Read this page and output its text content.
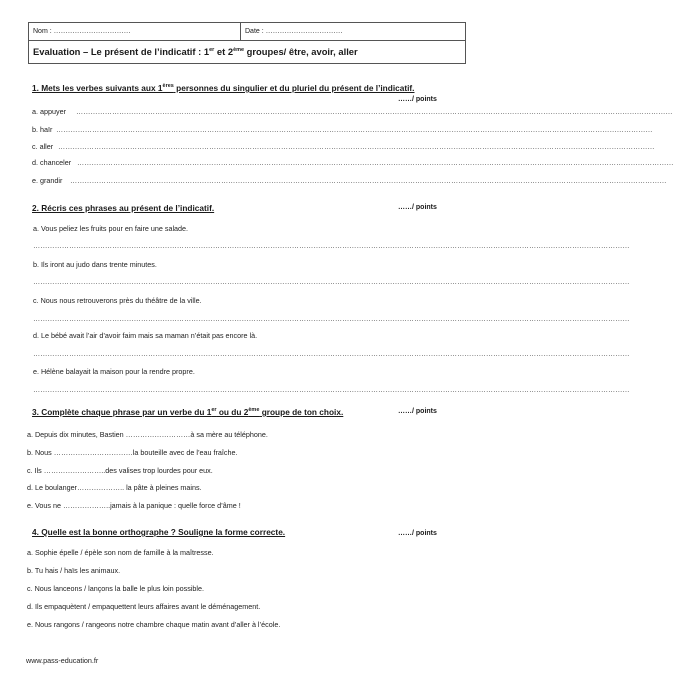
Nom : ……………………………	Date : ……………………………
Evaluation – Le présent de l’indicatif : 1er et 2ème groupes/ être, avoir, aller
1. Mets les verbes suivants aux 1ères personnes du singulier et du pluriel du présent de l’indicatif.
……/ points
a. appuyer ……………………………………………………………………………………………………………………………………………………………………………………………………………………………
b. haïr ……………………………………………………………………………………………………………………………………………………………………………………………………………………………
c. aller ……………………………………………………………………………………………………………………………………………………………………………………………………………………………
d. chanceler ……………………………………………………………………………………………………………………………………………………………………………………………………………………………
e. grandir ……………………………………………………………………………………………………………………………………………………………………………………………………………………………
2. Récris ces phrases au présent de l’indicatif.	……/ points
a. Vous peliez les fruits pour en faire une salade.
……………………………………………………………………………………………………………………………………………………………………………………………………………………………
b. Ils iront au judo dans trente minutes.
……………………………………………………………………………………………………………………………………………………………………………………………………………………………
c. Nous nous retrouverons près du théâtre de la ville.
……………………………………………………………………………………………………………………………………………………………………………………………………………………………
d. Le bébé avait l’air d’avoir faim mais sa maman n’était pas encore là.
……………………………………………………………………………………………………………………………………………………………………………………………………………………………
e. Hélène balayait la maison pour la rendre propre.
……………………………………………………………………………………………………………………………………………………………………………………………………………………………
3. Complète chaque phrase par un verbe du 1er ou du 2ème groupe de ton choix.	……/ points
a. Depuis dix minutes, Bastien ………………………à sa mère au téléphone.
b. Nous ……………………………la bouteille avec de l’eau fraîche.
c. Ils ……………………..des valises trop lourdes pour eux.
d. Le boulanger……………….. la pâte à pleines mains.
e. Vous ne ………………..jamais à la panique : quelle force d’âme !
4. Quelle est la bonne orthographe ? Souligne la forme correcte.	……/ points
a. Sophie épelle / épèle son nom de famille à la maîtresse.
b. Tu hais / haïs les animaux.
c. Nous lanceons / lançons la balle le plus loin possible.
d. Ils empaquètent / empaquettent leurs affaires avant le déménagement.
e. Nous rangons / rangeons notre chambre chaque matin avant d’aller à l’école.
www.pass-education.fr
